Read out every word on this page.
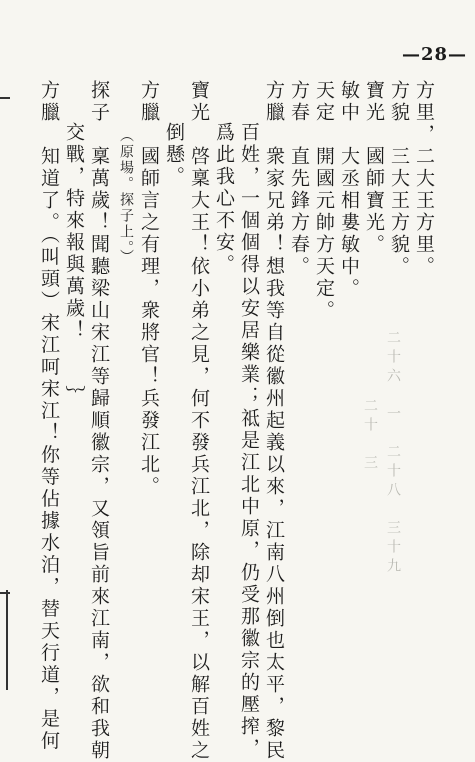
—28—
方里，二大王方里。
方貌　三大王方貌。
寶光　國師寶光。
敏中　大丞相婁敏中。
天定　開國元帥方天定。
方春　直先鋒方春。
方臘　衆家兄弟！想我等自從徽州起義以來，江南八州倒也太平，黎民
百姓，一個個得以安居樂業；祗是江北中原，仍受那徽宗的壓搾，
爲此我心不安。
寶光　啓稟大王！依小弟之見，何不發兵江北，除却宋王，以解百姓之
倒懸。
方臘　國師言之有理，衆將官！兵發江北。
（原場。探子上。）
探子　稟萬歲！聞聽梁山宋江等歸順徽宗，又領旨前來江南，欲和我朝
交戰，特來報與萬歲！　　｝
方臘　知道了。（叫頭）宋江呵宋江！你等佔據水泊，替天行道，是何	二十六　一　二十八　三十九
　　二十　三
